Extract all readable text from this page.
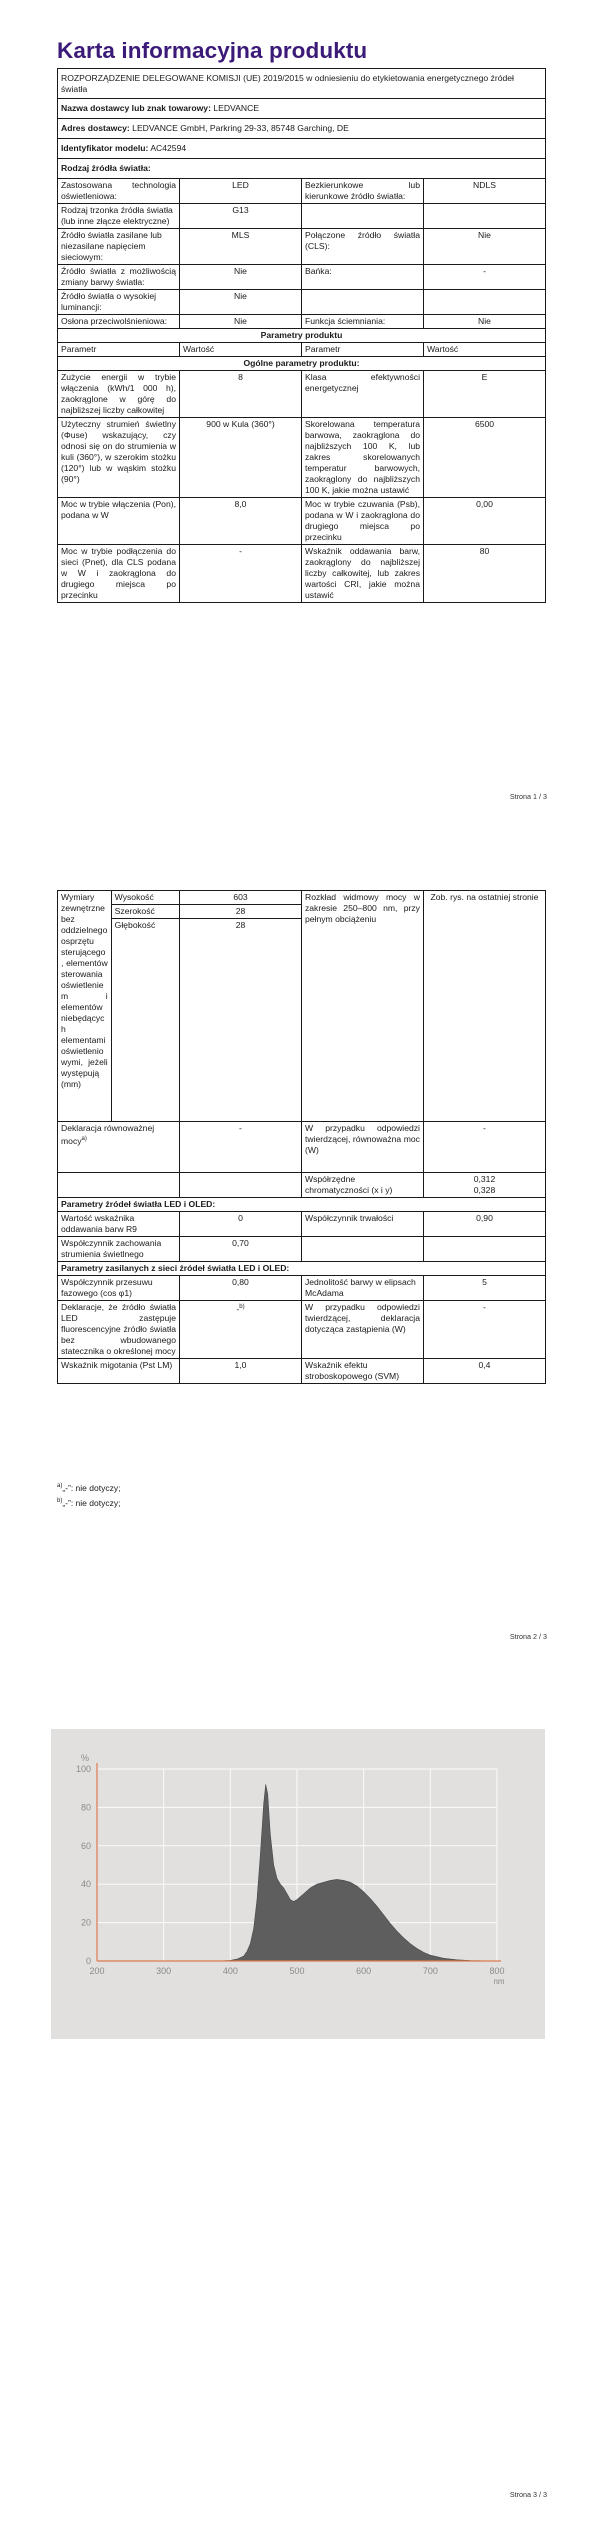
Karta informacyjna produktu
ROZPORZĄDZENIE DELEGOWANE KOMISJI (UE) 2019/2015 w odniesieniu do etykietowania energetycznego źródeł światła			
Nazwa dostawcy lub znak towarowy: LEDVANCE			
Adres dostawcy: LEDVANCE GmbH, Parkring 29-33, 85748 Garching, DE			
Identyfikator modelu: AC42594			
Rodzaj źródła światła:			
Zastosowana technologia oświetleniowa:	LED	Bezkierunkowe lub kierunkowe źródło światła:	NDLS
Rodzaj trzonka źródła światła (lub inne złącze elektryczne)	G13		
Źródło światła zasilane lub niezasilane napięciem sieciowym:	MLS	Połączone źródło światła (CLS):	Nie
Źródło światła z możliwością zmiany barwy światła:	Nie	Bańka:	-
Źródło światła o wysokiej luminancji:	Nie		
Osłona przeciwolśnieniowa:	Nie	Funkcja ściemniania:	Nie
Parametry produktu			
Parametr	Wartość	Parametr	Wartość
Ogólne parametry produktu:			
Zużycie energii w trybie włączenia (kWh/1 000 h), zaokrąglone w górę do najbliższej liczby całkowitej	8	Klasa efektywności energetycznej	E
Użyteczny strumień świetlny (Φuse) wskazujący, czy odnosi się on do strumienia w kuli (360°), w szerokim stożku (120°) lub w wąskim stożku (90°)	900 w Kula (360°)	Skorelowana temperatura barwowa, zaokrąglona do najbliższych 100 K, lub zakres skorelowanych temperatur barwowych, zaokrąglony do najbliższych 100 K, jakie można ustawić	6500
Moc w trybie włączenia (Pon), podana w W	8,0	Moc w trybie czuwania (Psb), podana w W i zaokrąglona do drugiego miejsca po przecinku	0,00
Moc w trybie podłączenia do sieci (Pnet), dla CLS podana w W i zaokrąglona do drugiego miejsca po przecinku	-	Wskaźnik oddawania barw, zaokrąglony do najbliższej liczby całkowitej, lub zakres wartości CRI, jakie można ustawić	80
Strona 1 / 3
Wymiary zewnętrzne bez oddzielnego osprzętu sterującego, elementów sterowania oświetleniem i elementów niebędących elementami oświetleniowymi, jeżeli występują (mm)	Wysokość	603	Rozkład widmowy mocy w zakresie 250–800 nm, przy pełnym obciążeniu	Zob. rys. na ostatniej stronie
	Szerokość	28		
	Głębokość	28		
Deklaracja równoważnej mocy$^{a)}$		-	W przypadku odpowiedzi twierdzącej, równoważna moc (W)	-
			Współrzędne chromatyczności (x i y)	0,312
0,328
Parametry źródeł światła LED i OLED:				
Wartość wskaźnika oddawania barw R9		0	Współczynnik trwałości	0,90
Współczynnik zachowania strumienia świetlnego		0,70		
Parametry zasilanych z sieci źródeł światła LED i OLED:				
Współczynnik przesuwu fazowego (cos φ1)		0,80	Jednolitość barwy w elipsach McAdama	5
Deklaracje, że źródło światła LED zastępuje fluorescencyjne źródło światła bez wbudowanego statecznika o określonej mocy		-$^{b)}$	W przypadku odpowiedzi twierdzącej, deklaracja dotycząca zastąpienia (W)	-
Wskaźnik migotania (Pst LM)		1,0	Wskaźnik efektu stroboskopowego (SVM)	0,4
$^{a)}$„-”: nie dotyczy;
$^{b)}$„-”: nie dotyczy;
Strona 2 / 3
Strona 3 / 3
0
20
40
60
80
100
200	300	400	500	600	700	800
%
nm
